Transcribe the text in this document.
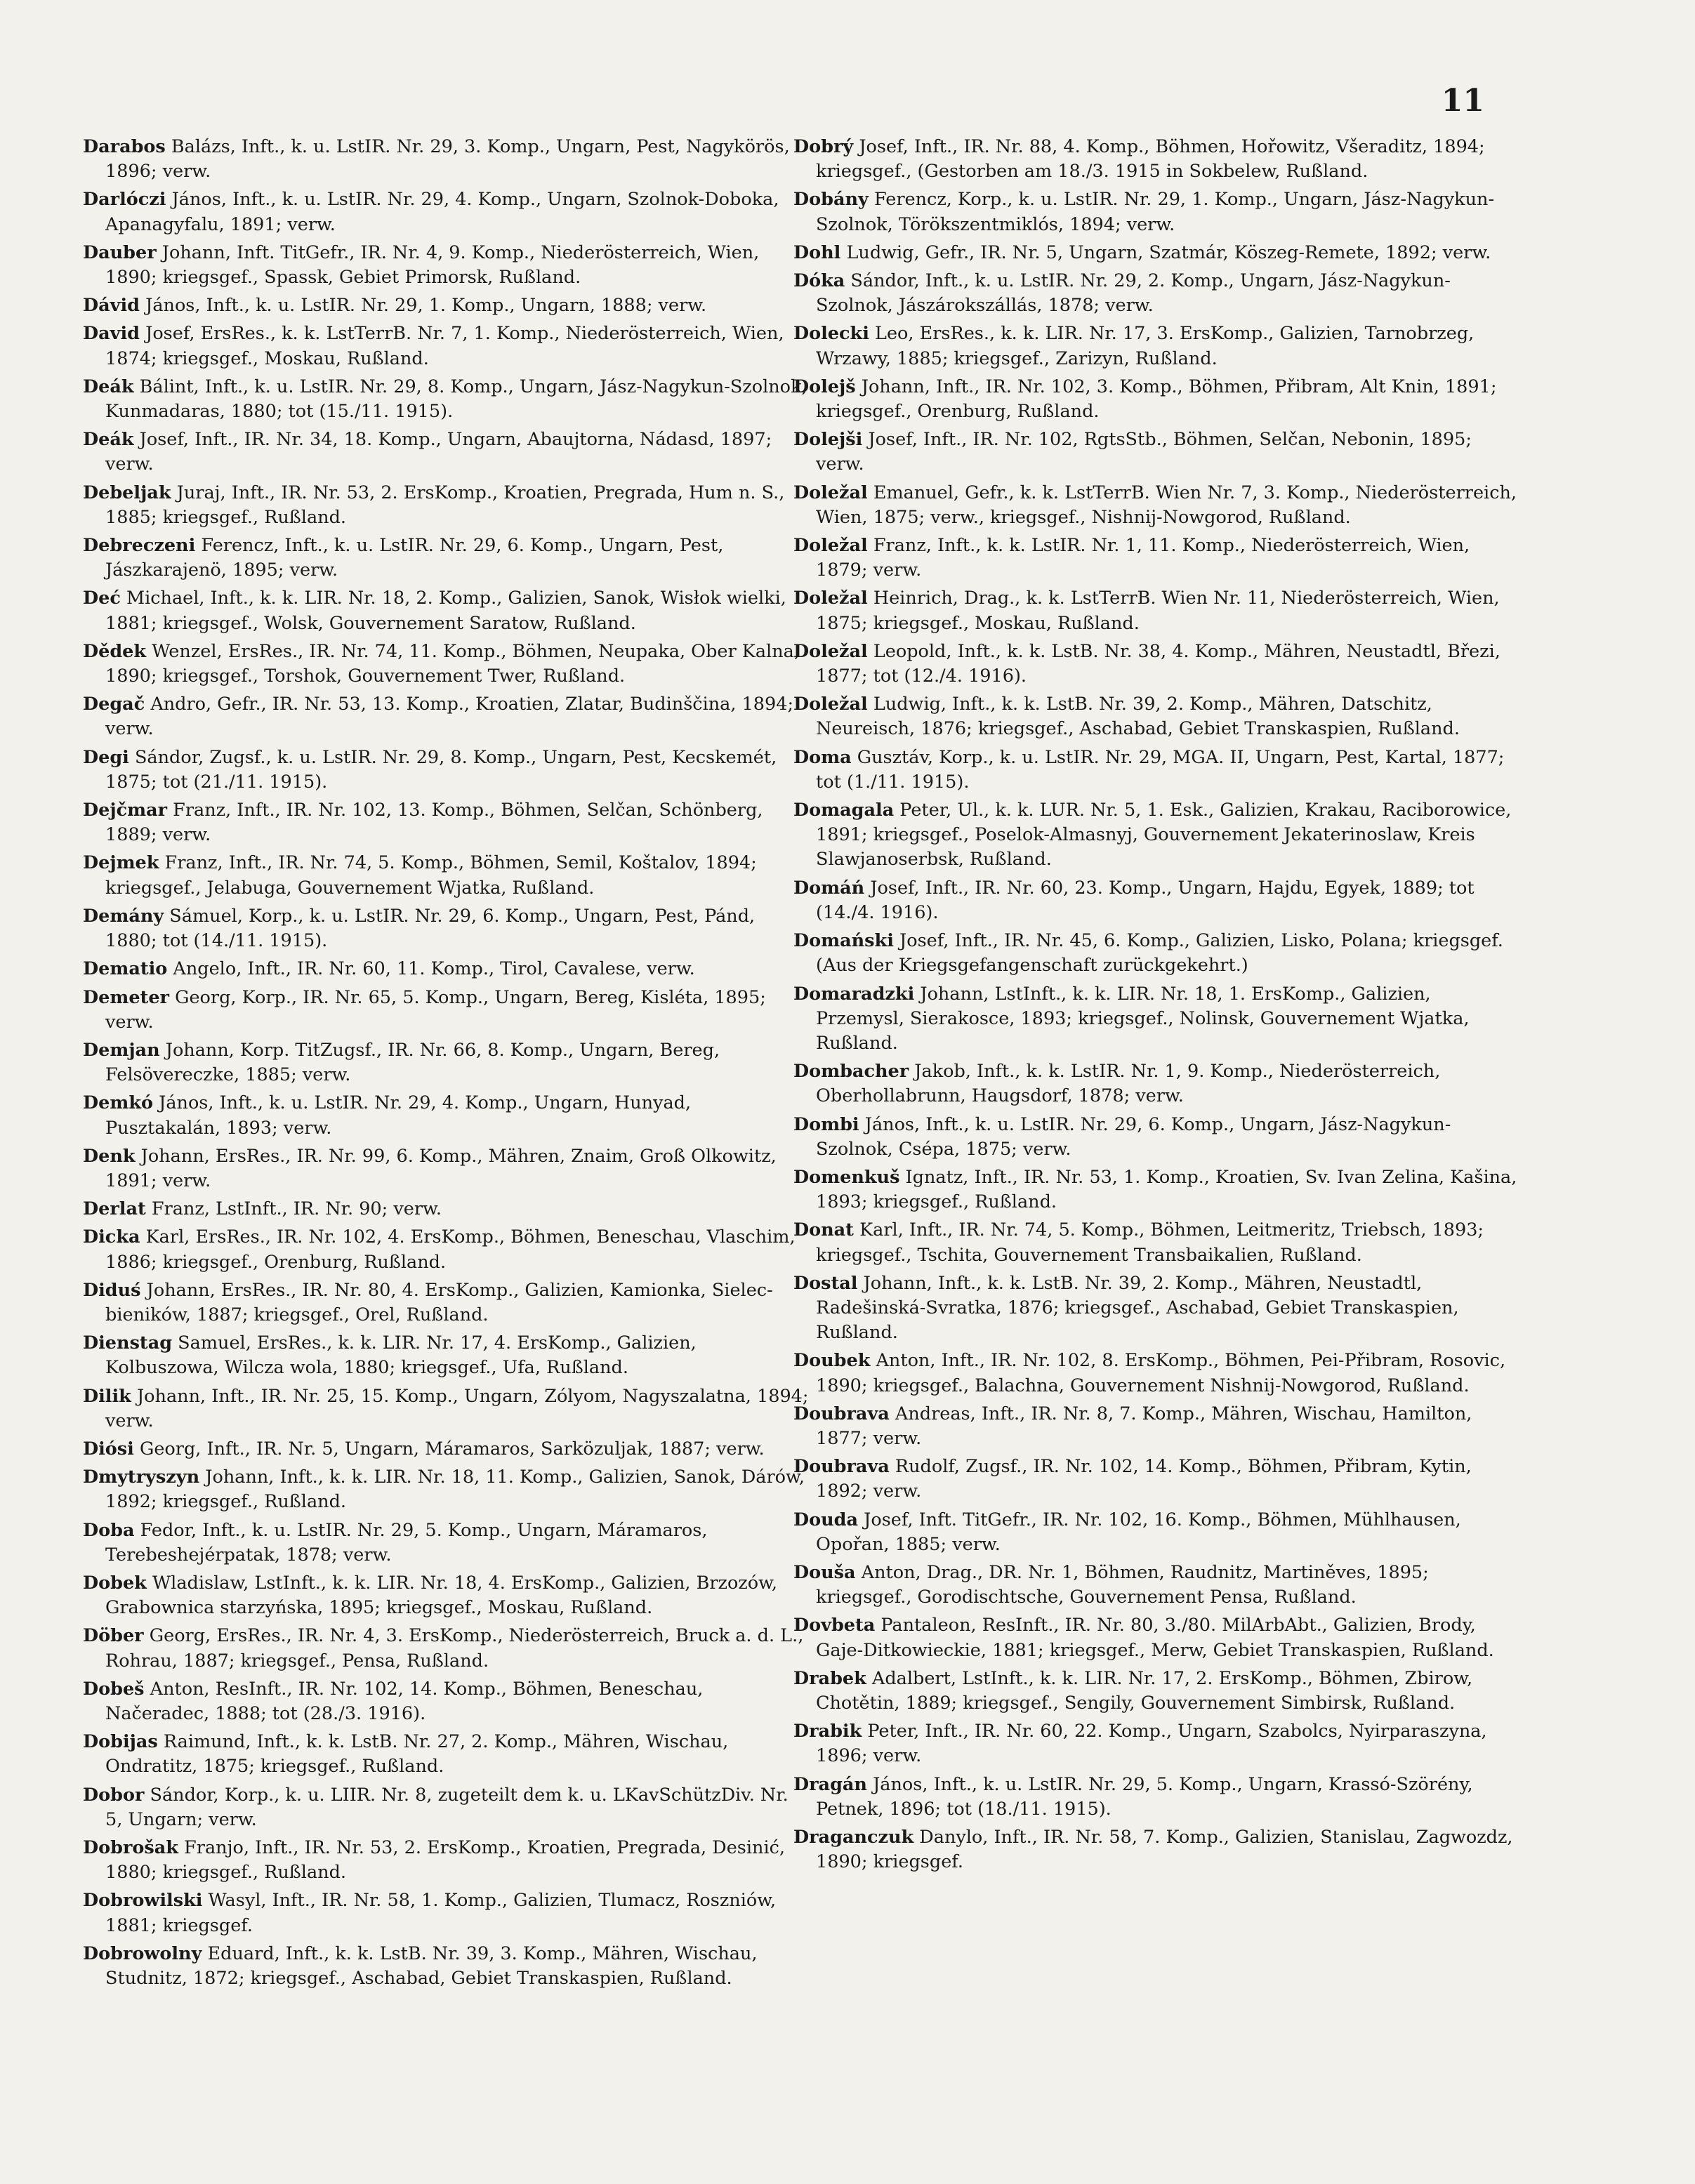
11

Darabos Balázs, Inft., k. u. LstIR. Nr. 29, 3. Komp., Ungarn, Pest, Nagykörös, 1896; verw.

Darlóczi János, Inft., k. u. LstIR. Nr. 29, 4. Komp., Ungarn, Szolnok-Doboka, Apanagyfalu, 1891; verw.

Dauber Johann, Inft. TitGefr., IR. Nr. 4, 9. Komp., Niederösterreich, Wien, 1890; kriegsgef., Spassk, Gebiet Primorsk, Rußland.

Dávid János, Inft., k. u. LstIR. Nr. 29, 1. Komp., Ungarn, 1888; verw.

David Josef, ErsRes., k. k. LstTerrB. Nr. 7, 1. Komp., Niederösterreich, Wien, 1874; kriegsgef., Moskau, Rußland.

Deák Bálint, Inft., k. u. LstIR. Nr. 29, 8. Komp., Ungarn, Jász-Nagykun-Szolnok, Kunmadaras, 1880; tot (15./11. 1915).

Deák Josef, Inft., IR. Nr. 34, 18. Komp., Ungarn, Abaujtorna, Nádasd, 1897; verw.

Debeljak Juraj, Inft., IR. Nr. 53, 2. ErsKomp., Kroatien, Pregrada, Hum n. S., 1885; kriegsgef., Rußland.

Debreczeni Ferencz, Inft., k. u. LstIR. Nr. 29, 6. Komp., Ungarn, Pest, Jászkarajenö, 1895; verw.

Deć Michael, Inft., k. k. LIR. Nr. 18, 2. Komp., Galizien, Sanok, Wisłok wielki, 1881; kriegsgef., Wolsk, Gouvernement Saratow, Rußland.

Dědek Wenzel, ErsRes., IR. Nr. 74, 11. Komp., Böhmen, Neupaka, Ober Kalna, 1890; kriegsgef., Torshok, Gouvernement Twer, Rußland.

Degač Andro, Gefr., IR. Nr. 53, 13. Komp., Kroatien, Zlatar, Budinščina, 1894; verw.

Degi Sándor, Zugsf., k. u. LstIR. Nr. 29, 8. Komp., Ungarn, Pest, Kecskemét, 1875; tot (21./11. 1915).

Dejčmar Franz, Inft., IR. Nr. 102, 13. Komp., Böhmen, Selčan, Schönberg, 1889; verw.

Dejmek Franz, Inft., IR. Nr. 74, 5. Komp., Böhmen, Semil, Koštalov, 1894; kriegsgef., Jelabuga, Gouvernement Wjatka, Rußland.

Demány Sámuel, Korp., k. u. LstIR. Nr. 29, 6. Komp., Ungarn, Pest, Pánd, 1880; tot (14./11. 1915).

Dematio Angelo, Inft., IR. Nr. 60, 11. Komp., Tirol, Cavalese, verw.

Demeter Georg, Korp., IR. Nr. 65, 5. Komp., Ungarn, Bereg, Kisléta, 1895; verw.

Demjan Johann, Korp. TitZugsf., IR. Nr. 66, 8. Komp., Ungarn, Bereg, Felsövereczke, 1885; verw.

Demkó János, Inft., k. u. LstIR. Nr. 29, 4. Komp., Ungarn, Hunyad, Pusztakalán, 1893; verw.

Denk Johann, ErsRes., IR. Nr. 99, 6. Komp., Mähren, Znaim, Groß Olkowitz, 1891; verw.

Derlat Franz, LstInft., IR. Nr. 90; verw.

Dicka Karl, ErsRes., IR. Nr. 102, 4. ErsKomp., Böhmen, Beneschau, Vlaschim, 1886; kriegsgef., Orenburg, Rußland.

Diduś Johann, ErsRes., IR. Nr. 80, 4. ErsKomp., Galizien, Kamionka, Sielec-bieników, 1887; kriegsgef., Orel, Rußland.

Dienstag Samuel, ErsRes., k. k. LIR. Nr. 17, 4. ErsKomp., Galizien, Kolbuszowa, Wilcza wola, 1880; kriegsgef., Ufa, Rußland.

Dilik Johann, Inft., IR. Nr. 25, 15. Komp., Ungarn, Zólyom, Nagyszalatna, 1894; verw.

Diósi Georg, Inft., IR. Nr. 5, Ungarn, Máramaros, Sarközuljak, 1887; verw.

Dmytryszyn Johann, Inft., k. k. LIR. Nr. 18, 11. Komp., Galizien, Sanok, Dárów, 1892; kriegsgef., Rußland.

Doba Fedor, Inft., k. u. LstIR. Nr. 29, 5. Komp., Ungarn, Máramaros, Terebeshejérpatak, 1878; verw.

Dobek Wladislaw, LstInft., k. k. LIR. Nr. 18, 4. ErsKomp., Galizien, Brzozów, Grabownica starzyńska, 1895; kriegsgef., Moskau, Rußland.

Döber Georg, ErsRes., IR. Nr. 4, 3. ErsKomp., Niederösterreich, Bruck a. d. L., Rohrau, 1887; kriegsgef., Pensa, Rußland.

Dobeš Anton, ResInft., IR. Nr. 102, 14. Komp., Böhmen, Beneschau, Načeradec, 1888; tot (28./3. 1916).

Dobijas Raimund, Inft., k. k. LstB. Nr. 27, 2. Komp., Mähren, Wischau, Ondratitz, 1875; kriegsgef., Rußland.

Dobor Sándor, Korp., k. u. LIIR. Nr. 8, zugeteilt dem k. u. LKavSchützDiv. Nr. 5, Ungarn; verw.

Dobrošak Franjo, Inft., IR. Nr. 53, 2. ErsKomp., Kroatien, Pregrada, Desinić, 1880; kriegsgef., Rußland.

Dobrowilski Wasyl, Inft., IR. Nr. 58, 1. Komp., Galizien, Tlumacz, Roszniów, 1881; kriegsgef.

Dobrowolny Eduard, Inft., k. k. LstB. Nr. 39, 3. Komp., Mähren, Wischau, Studnitz, 1872; kriegsgef., Aschabad, Gebiet Transkaspien, Rußland.

Dobrý Josef, Inft., IR. Nr. 88, 4. Komp., Böhmen, Hořowitz, Všeraditz, 1894; kriegsgef., (Gestorben am 18./3. 1915 in Sokbelew, Rußland.

Dobány Ferencz, Korp., k. u. LstIR. Nr. 29, 1. Komp., Ungarn, Jász-Nagykun-Szolnok, Törökszentmiklós, 1894; verw.

Dohl Ludwig, Gefr., IR. Nr. 5, Ungarn, Szatmár, Köszeg-Remete, 1892; verw.

Dóka Sándor, Inft., k. u. LstIR. Nr. 29, 2. Komp., Ungarn, Jász-Nagykun-Szolnok, Jászárokszállás, 1878; verw.

Dolecki Leo, ErsRes., k. k. LIR. Nr. 17, 3. ErsKomp., Galizien, Tarnobrzeg, Wrzawy, 1885; kriegsgef., Zarizyn, Rußland.

Dolejš Johann, Inft., IR. Nr. 102, 3. Komp., Böhmen, Přibram, Alt Knin, 1891; kriegsgef., Orenburg, Rußland.

Dolejši Josef, Inft., IR. Nr. 102, RgtsStb., Böhmen, Selčan, Nebonin, 1895; verw.

Doležal Emanuel, Gefr., k. k. LstTerrB. Wien Nr. 7, 3. Komp., Niederösterreich, Wien, 1875; verw., kriegsgef., Nishnij-Nowgorod, Rußland.

Doležal Franz, Inft., k. k. LstIR. Nr. 1, 11. Komp., Niederösterreich, Wien, 1879; verw.

Doležal Heinrich, Drag., k. k. LstTerrB. Wien Nr. 11, Niederösterreich, Wien, 1875; kriegsgef., Moskau, Rußland.

Doležal Leopold, Inft., k. k. LstB. Nr. 38, 4. Komp., Mähren, Neustadtl, Březi, 1877; tot (12./4. 1916).

Doležal Ludwig, Inft., k. k. LstB. Nr. 39, 2. Komp., Mähren, Datschitz, Neureisch, 1876; kriegsgef., Aschabad, Gebiet Transkaspien, Rußland.

Doma Gusztáv, Korp., k. u. LstIR. Nr. 29, MGA. II, Ungarn, Pest, Kartal, 1877; tot (1./11. 1915).

Domagala Peter, Ul., k. k. LUR. Nr. 5, 1. Esk., Galizien, Krakau, Raciborowice, 1891; kriegsgef., Poselok-Almasnyj, Gouvernement Jekaterinoslaw, Kreis Slawjanoserbsk, Rußland.

Domáń Josef, Inft., IR. Nr. 60, 23. Komp., Ungarn, Hajdu, Egyek, 1889; tot (14./4. 1916).

Domański Josef, Inft., IR. Nr. 45, 6. Komp., Galizien, Lisko, Polana; kriegsgef. (Aus der Kriegsgefangenschaft zurückgekehrt.)

Domaradzki Johann, LstInft., k. k. LIR. Nr. 18, 1. ErsKomp., Galizien, Przemysl, Sierakosce, 1893; kriegsgef., Nolinsk, Gouvernement Wjatka, Rußland.

Dombacher Jakob, Inft., k. k. LstIR. Nr. 1, 9. Komp., Niederösterreich, Oberhollabrunn, Haugsdorf, 1878; verw.

Dombi János, Inft., k. u. LstIR. Nr. 29, 6. Komp., Ungarn, Jász-Nagykun-Szolnok, Csépa, 1875; verw.

Domenkuš Ignatz, Inft., IR. Nr. 53, 1. Komp., Kroatien, Sv. Ivan Zelina, Kašina, 1893; kriegsgef., Rußland.

Donat Karl, Inft., IR. Nr. 74, 5. Komp., Böhmen, Leitmeritz, Triebsch, 1893; kriegsgef., Tschita, Gouvernement Transbaikalien, Rußland.

Dostal Johann, Inft., k. k. LstB. Nr. 39, 2. Komp., Mähren, Neustadtl, Radešinská-Svratka, 1876; kriegsgef., Aschabad, Gebiet Transkaspien, Rußland.

Doubek Anton, Inft., IR. Nr. 102, 8. ErsKomp., Böhmen, Pei-Přibram, Rosovic, 1890; kriegsgef., Balachna, Gouvernement Nishnij-Nowgorod, Rußland.

Doubrava Andreas, Inft., IR. Nr. 8, 7. Komp., Mähren, Wischau, Hamilton, 1877; verw.

Doubrava Rudolf, Zugsf., IR. Nr. 102, 14. Komp., Böhmen, Přibram, Kytin, 1892; verw.

Douda Josef, Inft. TitGefr., IR. Nr. 102, 16. Komp., Böhmen, Mühlhausen, Opořan, 1885; verw.

Douša Anton, Drag., DR. Nr. 1, Böhmen, Raudnitz, Martiněves, 1895; kriegsgef., Gorodischtsche, Gouvernement Pensa, Rußland.

Dovbeta Pantaleon, ResInft., IR. Nr. 80, 3./80. MilArbAbt., Galizien, Brody, Gaje-Ditkowieckie, 1881; kriegsgef., Merw, Gebiet Transkaspien, Rußland.

Drabek Adalbert, LstInft., k. k. LIR. Nr. 17, 2. ErsKomp., Böhmen, Zbirow, Chotětin, 1889; kriegsgef., Sengily, Gouvernement Simbirsk, Rußland.

Drabik Peter, Inft., IR. Nr. 60, 22. Komp., Ungarn, Szabolcs, Nyirparaszyna, 1896; verw.

Dragán János, Inft., k. u. LstIR. Nr. 29, 5. Komp., Ungarn, Krassó-Szörény, Petnek, 1896; tot (18./11. 1915).

Draganczuk Danylo, Inft., IR. Nr. 58, 7. Komp., Galizien, Stanislau, Zagwozdz, 1890; kriegsgef.
